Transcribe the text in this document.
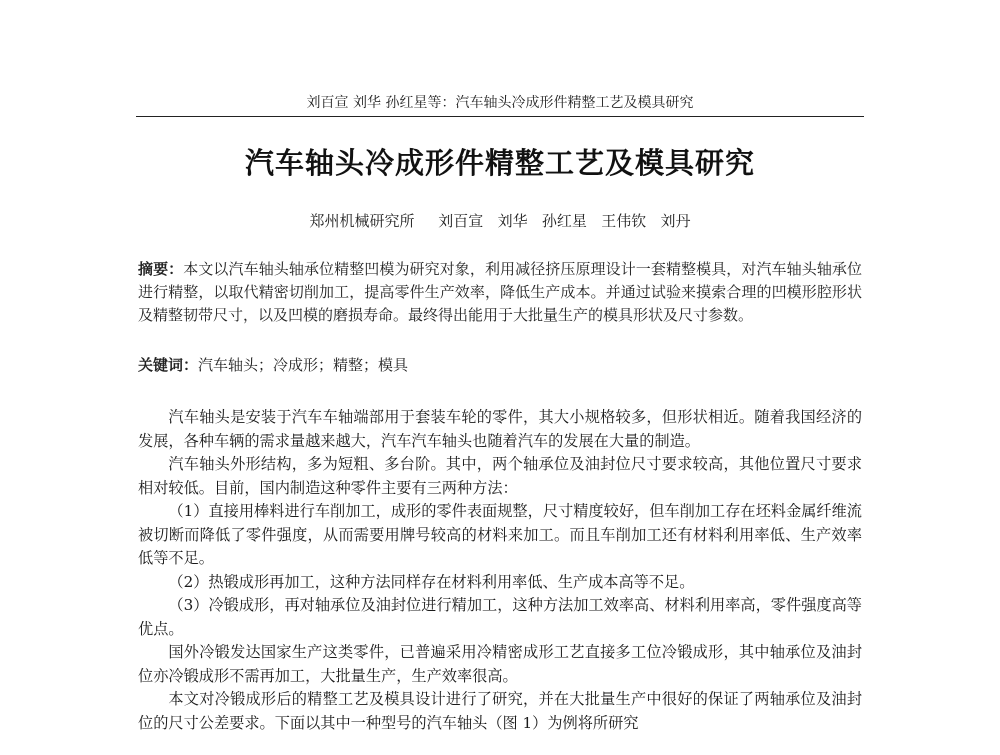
刘百宣 刘华 孙红星等：汽车轴头冷成形件精整工艺及模具研究
汽车轴头冷成形件精整工艺及模具研究
郑州机械研究所     刘百宣   刘华   孙红星   王伟钦   刘丹
摘要：本文以汽车轴头轴承位精整凹模为研究对象，利用减径挤压原理设计一套精整模具，对汽车轴头轴承位进行精整，以取代精密切削加工，提高零件生产效率，降低生产成本。并通过试验来摸索合理的凹模形腔形状及精整韧带尺寸，以及凹模的磨损寿命。最终得出能用于大批量生产的模具形状及尺寸参数。
关键词：汽车轴头；冷成形；精整；模具

汽车轴头是安装于汽车车轴端部用于套装车轮的零件，其大小规格较多，但形状相近。随着我国经济的发展，各种车辆的需求量越来越大，汽车汽车轴头也随着汽车的发展在大量的制造。

汽车轴头外形结构，多为短粗、多台阶。其中，两个轴承位及油封位尺寸要求较高，其他位置尺寸要求相对较低。目前，国内制造这种零件主要有三两种方法：

（1）直接用棒料进行车削加工，成形的零件表面规整，尺寸精度较好，但车削加工存在坯料金属纤维流被切断而降低了零件强度，从而需要用牌号较高的材料来加工。而且车削加工还有材料利用率低、生产效率低等不足。

（2）热锻成形再加工，这种方法同样存在材料利用率低、生产成本高等不足。

（3）冷锻成形，再对轴承位及油封位进行精加工，这种方法加工效率高、材料利用率高，零件强度高等优点。

国外冷锻发达国家生产这类零件，已普遍采用冷精密成形工艺直接多工位冷锻成形，其中轴承位及油封位亦冷锻成形不需再加工，大批量生产，生产效率很高。

本文对冷锻成形后的精整工艺及模具设计进行了研究，并在大批量生产中很好的保证了两轴承位及油封位的尺寸公差要求。下面以其中一种型号的汽车轴头（图 1）为例将所研究
